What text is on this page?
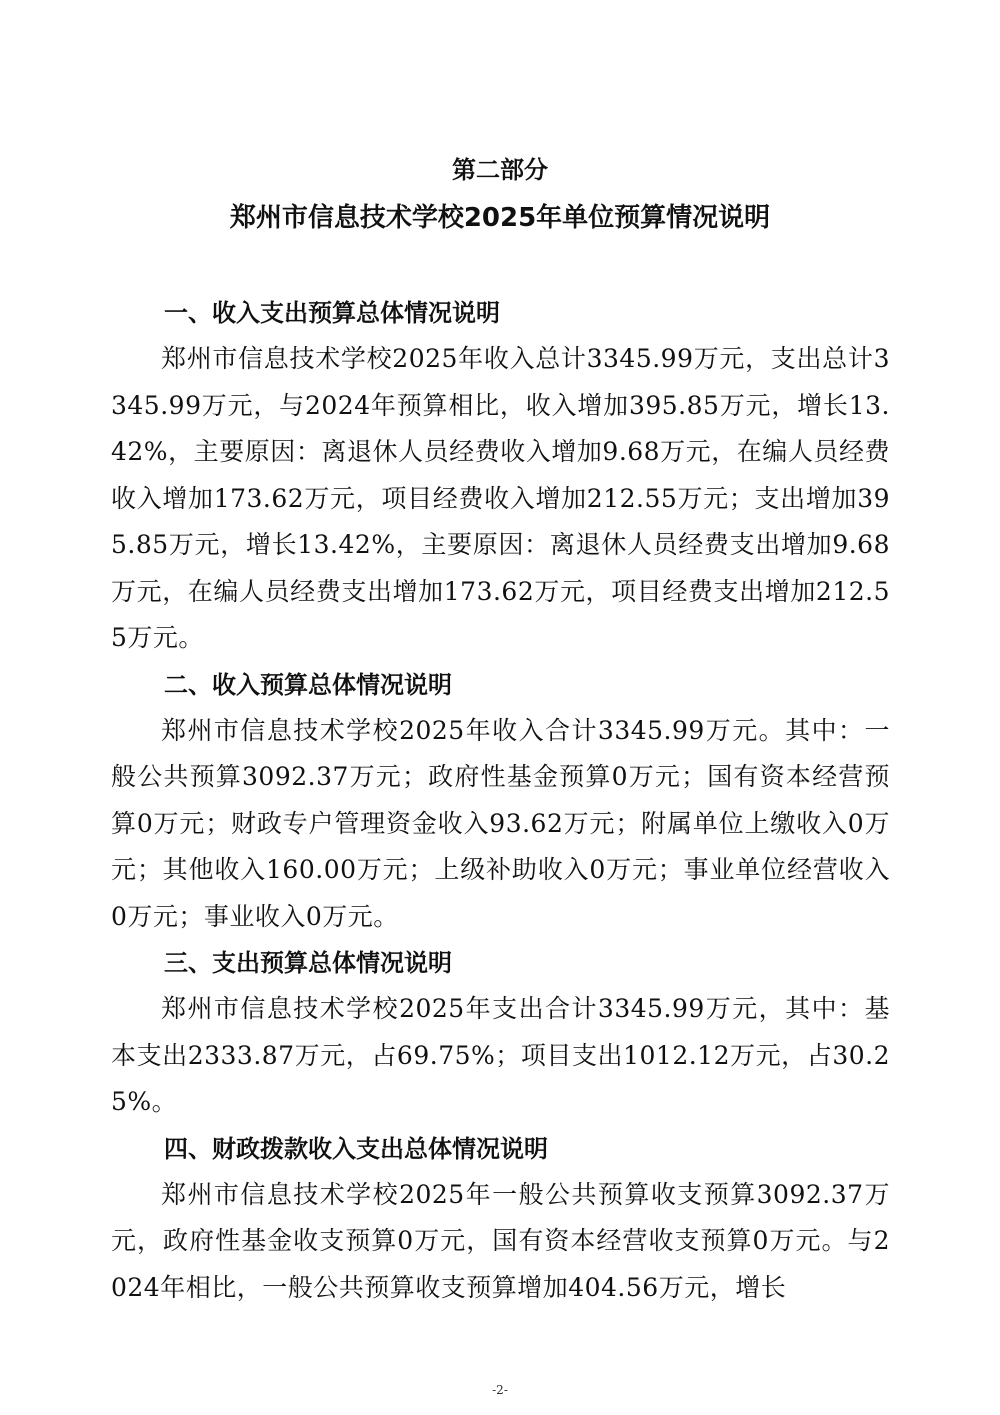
第二部分
郑州市信息技术学校2025年单位预算情况说明

一、收入支出预算总体情况说明

郑州市信息技术学校2025年收入总计3345.99万元，支出总计3345.99万元，与2024年预算相比，收入增加395.85万元，增长13.42%，主要原因：离退休人员经费收入增加9.68万元，在编人员经费收入增加173.62万元，项目经费收入增加212.55万元；支出增加395.85万元，增长13.42%，主要原因：离退休人员经费支出增加9.68万元，在编人员经费支出增加173.62万元，项目经费支出增加212.55万元。

二、收入预算总体情况说明

郑州市信息技术学校2025年收入合计3345.99万元。其中：一般公共预算3092.37万元；政府性基金预算0万元；国有资本经营预算0万元；财政专户管理资金收入93.62万元；附属单位上缴收入0万元；其他收入160.00万元；上级补助收入0万元；事业单位经营收入0万元；事业收入0万元。

三、支出预算总体情况说明

郑州市信息技术学校2025年支出合计3345.99万元，其中：基本支出2333.87万元，占69.75%；项目支出1012.12万元，占30.25%。

四、财政拨款收入支出总体情况说明

郑州市信息技术学校2025年一般公共预算收支预算3092.37万元，政府性基金收支预算0万元，国有资本经营收支预算0万元。与2024年相比，一般公共预算收支预算增加404.56万元，增长

-2-
